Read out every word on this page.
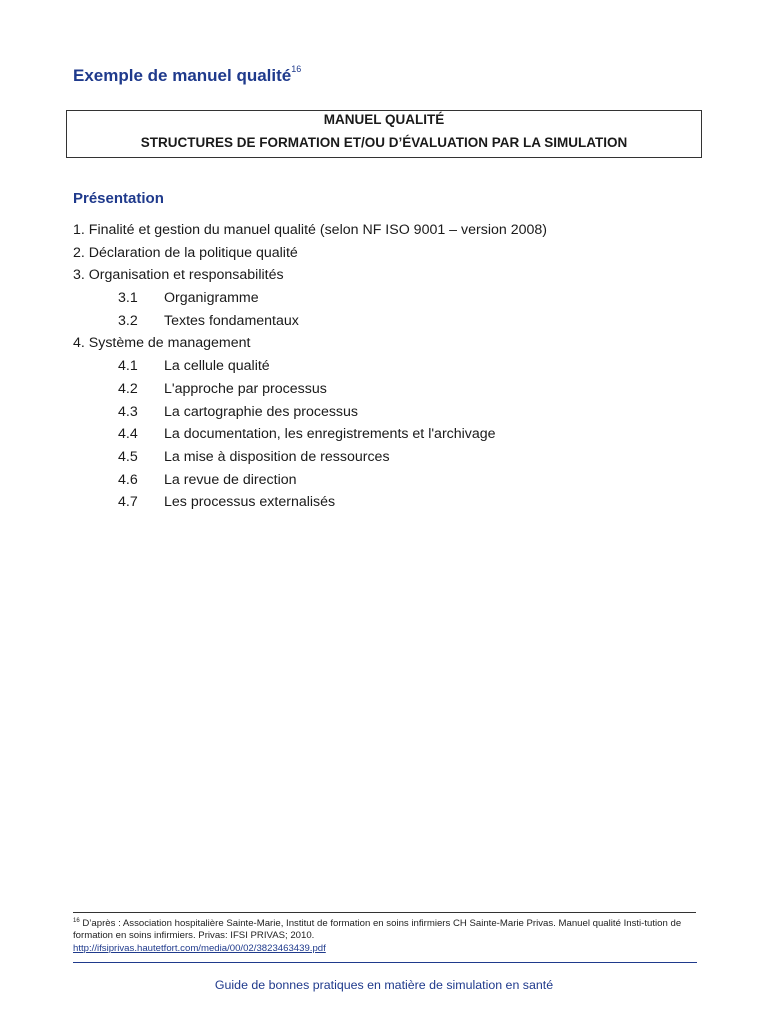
Exemple de manuel qualité$^{16}$
MANUEL QUALITÉ
STRUCTURES DE FORMATION ET/OU D’ÉVALUATION PAR LA SIMULATION
Présentation
1. Finalité et gestion du manuel qualité (selon NF ISO 9001 – version 2008)
2. Déclaration de la politique qualité
3. Organisation et responsabilités
3.1 Organigramme
3.2 Textes fondamentaux
4. Système de management
4.1 La cellule qualité
4.2 L'approche par processus
4.3 La cartographie des processus
4.4 La documentation, les enregistrements et l'archivage
4.5 La mise à disposition de ressources
4.6 La revue de direction
4.7 Les processus externalisés
$^{16}$ D’après : Association hospitalière Sainte-Marie, Institut de formation en soins infirmiers CH Sainte-Marie Privas. Manuel qualité Insti-tution de formation en soins infirmiers. Privas: IFSI PRIVAS; 2010.
http://ifsiprivas.hautetfort.com/media/00/02/3823463439.pdf
Guide de bonnes pratiques en matière de simulation en santé
